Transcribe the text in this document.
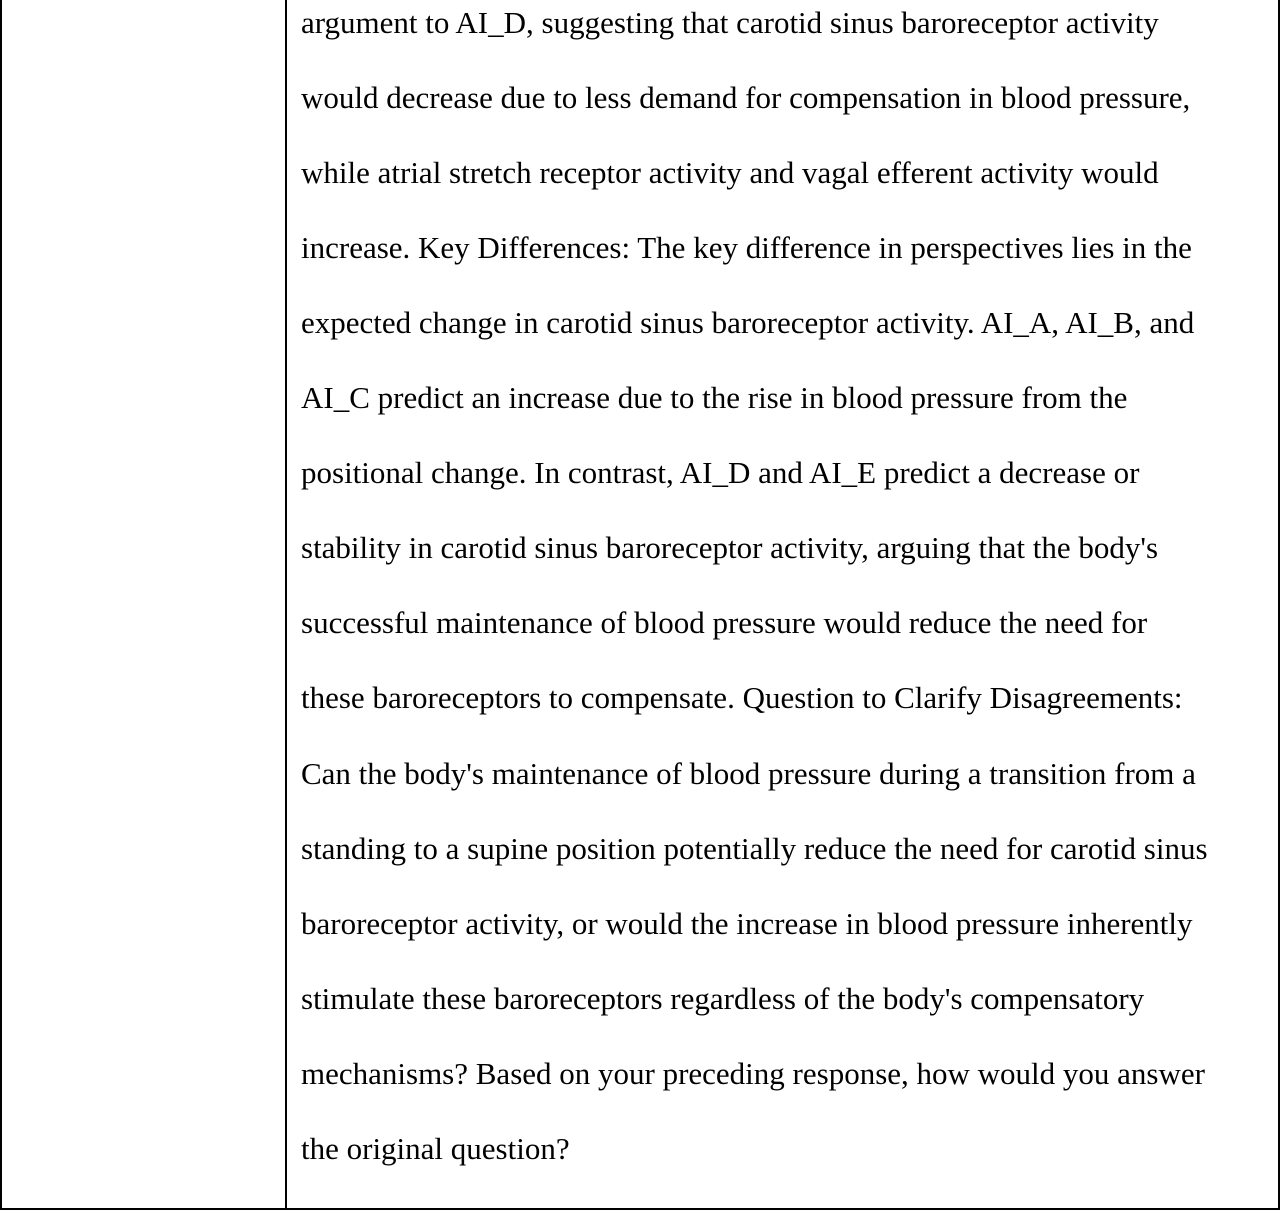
argument to AI_D, suggesting that carotid sinus baroreceptor activity
would decrease due to less demand for compensation in blood pressure,
while atrial stretch receptor activity and vagal efferent activity would
increase. Key Differences: The key difference in perspectives lies in the
expected change in carotid sinus baroreceptor activity. AI_A, AI_B, and
AI_C predict an increase due to the rise in blood pressure from the
positional change. In contrast, AI_D and AI_E predict a decrease or
stability in carotid sinus baroreceptor activity, arguing that the body's
successful maintenance of blood pressure would reduce the need for
these baroreceptors to compensate. Question to Clarify Disagreements:
Can the body's maintenance of blood pressure during a transition from a
standing to a supine position potentially reduce the need for carotid sinus
baroreceptor activity, or would the increase in blood pressure inherently
stimulate these baroreceptors regardless of the body's compensatory
mechanisms? Based on your preceding response, how would you answer
the original question?
